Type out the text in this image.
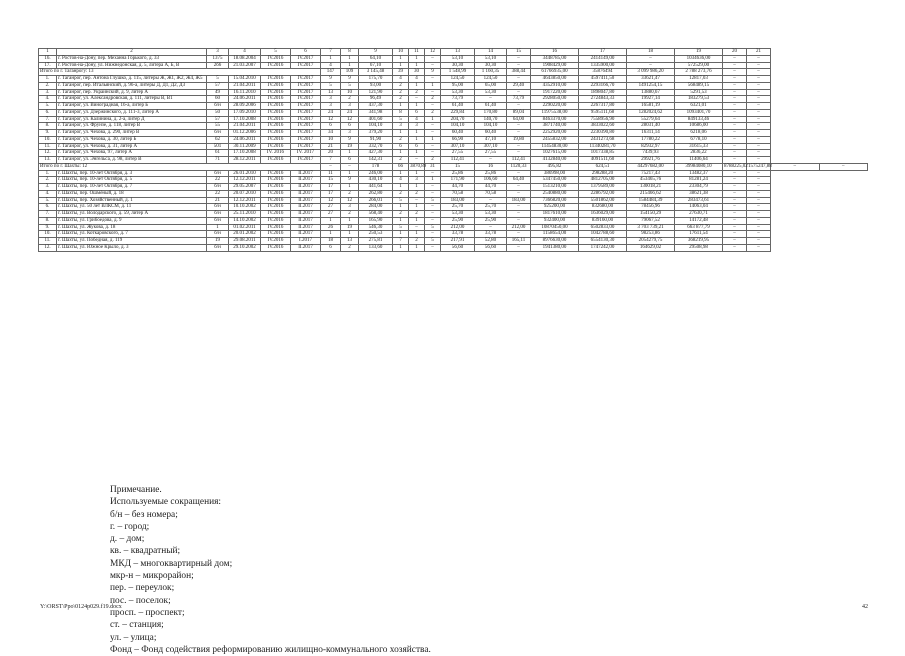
1	2	3	4	5	6	7	8	9	10	11	12	13	14	15	16	17	18	19	20	21		
16.	г. Ростов-на-Дону, пер. Механна Горького, д. 33	1375	18.08.2004	IV.2016	IV.2017	1	1	64,10	1	1	–	53,10	53,10	–	3448785,00	2414149,00	–	1034636,00	–	–		
17.	г. Ростов-на-Дону, ул. Нижнедонская, д. 5, литера А, Б, В	2б6	21.03.2007	IV.2016	IV.2017	4	1	67,10	1	1	–	30,30	30,30	–	1908429,00	1335900,00	–	572529,00	–	–		
Итого по г. Таганрогу: 13						147	109	3 145,48	39	30	9	1 548,99	1 160,35	388,44	61766935,00	35876494	3 099 986,20	2 788 273,76	–	–		
1.	г. Таганрог, пер. Антона Глушко, д. 115, литеры Ж, Ж1, Ж2, Ж4, Ж5	5	15.04.2010	IV.2016	IV.2017	9	9	175,70	4	4	–	124,50	124,50	–	4643850,00	4597411,50	33621,47	12817,03	–	–		
2.	г. Таганрог, пер. Итальянский, д. 96-а, литеры Д, Д1, Д2, Д3	57	21.04.2011	IV.2016	IV.2017	5	5	93,00	2	1	1	95,00	65,00	29,40	4352910,00	2293166,70	1491254,15	568489,15	–	–		
3.	г. Таганрог, пер. Украинский, д. 9, литер А	49	16.11.2010	IV.2016	IV.2017	13	10	121,90	2	2	–	53,30	53,30	–	1917220,00	1898047,80	13880,67	5291,53	–	–		
4.	г. Таганрог, ул. Александровская, д. 111, литеры В, В1	60	24.06.2011	IV.2016	IV.2017	3	2	96,49	2	–	2	73,79	–	73,79	2928050,00	2724843,33	19927,14	183279,53	–	–		
5.	г. Таганрог, ул. Виноградная, 16-а, литер Б	б/н	28.09.2006	IV.2016	IV.2017	3	3	437,30	1	1	–	61,40	61,40	–	2290220,00	2267317,80	16581,19	6321,01	–	–		
6.	г. Таганрог, ул. Дзержинского, д. 111-3, литер А	50	17.09.2010	IV.2016	IV.2017	24	24	341,98	8	6	2	229,84	170,80	89,04	11975538,00	9595111,68	1282024,62	1093401,70	–	–		
7.	г. Таганрог, ул. Калинина, д. 2-а, литер Д	57	17.10.2008	IV.2016	IV.2017	12	12	401,60	5	4	1	204,70	140,70	64,00	8463370,00	7558956,90	55279,64	849133,46	–	–		
8.	г. Таганрог, ул. Фрунзе, д. 118, литер В	55	21.04.2011	IV.2016	IV.2017	6	6	104,10	3	3	–	104,10	104,10	–	3871740,00	3833022,60	28031,40	10686,00	–	–		
9.	г. Таганрог, ул. Чехова, д. 290, литер В	б/н	01.12.2006	IV.2016	IV.2017	34	3	379,20	1	1	–	60,40	60,40	–	2252920,00	2230390,80	16311,14	6218,06	–	–		
10.	г. Таганрог, ул. Чехова, д. 30, литер Б	62	24.06.2011	IV.2016	IV.2017	10	9	91,90	2	1	1	66,90	47,10	19,80	2455832,00	2431273,68	17780,22	6778,10	–	–		
11.	г. Таганрог, ул. Чехова, д. 31, литер А	501	30.11.2009	IV.2016	IV.2017	21	19	332,70	6	6	–	307,10	307,10	–	11454830,00	11340281,70	82932,97	31615,33	–	–		
12.	г. Таганрог, ул. Чехова, 97, литер А	61	17.10.2008	IV. 2016	IV. 2017	20	1	427,30	1	1	–	27,55	27,55	–	1027615,00	1017338,85	7439,93	2836,22	–	–		
13.	г. Таганрог, ул. Энгельса, д. 98, литер В	71	28.12.2011	IV.2016	IV.2017	7	6	142,31	2	–	2	112,41	–	112,41	4132840,00	4091511,60	29921,76	11406,64	–	–		
Итого по г. Шахты: 12						–	–	178	66	3870,89	31	15	16	1120,33	495,82	624,51	44297682,00	39984080,10	8788225,02	1575247,88	–	–
1.	г. Шахты, пер. 10-лет Октября, д. 3	б/н	26.01.2010	IV.2016	II.2017	11	1	246,00	1	1	–	25,86	25,86	–	386998,00	298288,20	75217,43	13482,37	–	–		
2.	г. Шахты, пер. 10-лет Октября, д. 5	22	12.12.2011	IV.2016	II.2017	15	9	430,10	4	3	1	171,90	106,60	64,40	5347450,00	4812705,00	453465,76	81281,24	–	–		
3.	г. Шахты, пер. 10-лет Октября, д. 7	б/н	29.05.2007	IV.2016	II.2017	17	1	441,64	1	1	–	44,70	44,70	–	1513210,00	1379589,00	130018,21	23304,79	–	–		
4.	г. Шахты, пер. Ошмёный, д. 18	22	20.07.2010	IV.2016	II.2017	17	2	262,80	2	2	–	70,58	70,58	–	2540880,00	2286792,00	215466,62	38621,38	–	–		
5.	г. Шахты, пер. Хозяйственный, д. 1	21	12.12.2011	IV.2016	II.2017	12	12	266,01	5	–	5	183,00	–	183,00	7366820,00	5501862,00	1584484,39	283473,61	–	–		
6.	г. Шахты, ул. 50 лет ВЛКСМ, д. 11	б/н	10.10.2002	IV.2016	II.2017	27	3	284,00	1	1	–	25,70	25,70	–	925200,00	832680,00	78456,96	14063,04	–	–		
7.	г. Шахты, ул. Володарского, д. 59, литер А	б/н	25.11.2010	IV.2016	II.2017	27	2	568,40	2	2	–	53,30	53,30	–	1817610,00	1636029,00	154150,29	27630,71	–	–		
8.	г. Шахты, ул. Грибоедова, д. 9	б/н	14.10.2002	IV.2016	II.2017	1	1	165,90	1	1	–	25,90	25,90	–	932400,00	839160,00	79067,52	14172,48	–	–		
9.	г. Шахты, ул. Жукова, д. 18	1	01.02.2011	IV.2016	II.2017	26	19	546,30	5	–	5	212,00	–	212,00	10870450,00	6502833,00	3 703 739,21	663 877,79	–	–		
10.	г. Шахты, ул. Коткаровского, д. 7	б/н	20.01.2002	IV.2016	II.2017	1	1	250,53	1	1	–	33,78	33,78	–	1158654,00	1042788,60	98253,86	17611,54	–	–		
11.	г. Шахты, ул. Победная, д. 119	19	29.08.2011	IV.2016	I.2017	18	13	275,81	7	2	5	217,91	52,80	165,11	8976630,00	6554130,30	2054279,75	368219,95	–	–		
12.	г. Шахты, ул. Южное Крыло, д. 3	б/н	29.10.2002	IV.2016	II.2017	6	2	133,60	1	1	–	56,60	56,60	–	1941380,00	1747242,00	164629,02	29508,98	–	–		
Примечание.
Используемые сокращения:
б/н – без номера;
г. – город;
д. – дом;
кв. – квадратный;
МКД – многоквартирный дом;
мкр-н – микрорайон;
пер. – переулок;
пос. – поселок;
просп. – проспект;
ст. – станция;
ул. – улица;
Фонд – Фонд содействия реформированию жилищно-коммунального хозяйства.
Y:\ORST\Ppo\0124p029.f19.docx	42
